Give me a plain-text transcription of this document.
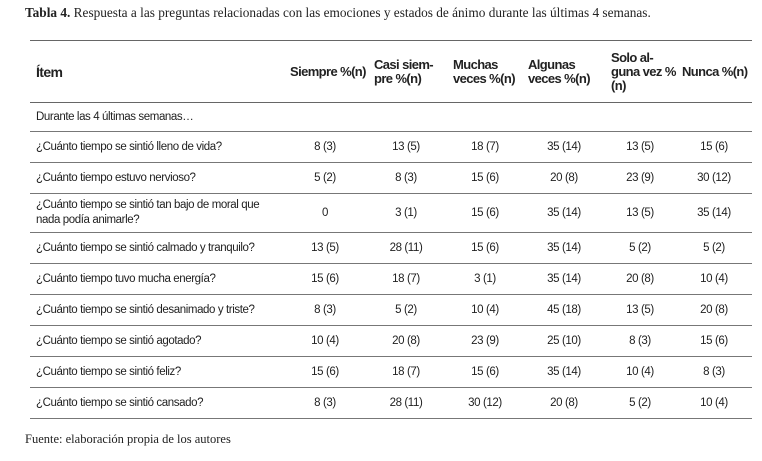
Tabla 4. Respuesta a las preguntas relacionadas con las emociones y estados de ánimo durante las últimas 4 semanas.
Ítem	Siempre %(n)	Casi siem-pre %(n)	Muchas veces %(n)	Algunas veces %(n)	Solo al-guna vez %(n)	Nunca %(n)
Durante las 4 últimas semanas…
¿Cuánto tiempo se sintió lleno de vida?	8 (3)	13 (5)	18 (7)	35 (14)	13 (5)	15 (6)
¿Cuánto tiempo estuvo nervioso?	5 (2)	8 (3)	15 (6)	20 (8)	23 (9)	30 (12)
¿Cuánto tiempo se sintió tan bajo de moral que nada podía animarle?	0	3 (1)	15 (6)	35 (14)	13 (5)	35 (14)
¿Cuánto tiempo se sintió calmado y tranquilo?	13 (5)	28 (11)	15 (6)	35 (14)	5 (2)	5 (2)
¿Cuánto tiempo tuvo mucha energía?	15 (6)	18 (7)	3 (1)	35 (14)	20 (8)	10 (4)
¿Cuánto tiempo se sintió desanimado y triste?	8 (3)	5 (2)	10 (4)	45 (18)	13 (5)	20 (8)
¿Cuánto tiempo se sintió agotado?	10 (4)	20 (8)	23 (9)	25 (10)	8 (3)	15 (6)
¿Cuánto tiempo se sintió feliz?	15 (6)	18 (7)	15 (6)	35 (14)	10 (4)	8 (3)
¿Cuánto tiempo se sintió cansado?	8 (3)	28 (11)	30 (12)	20 (8)	5 (2)	10 (4)
Fuente: elaboración propia de los autores
